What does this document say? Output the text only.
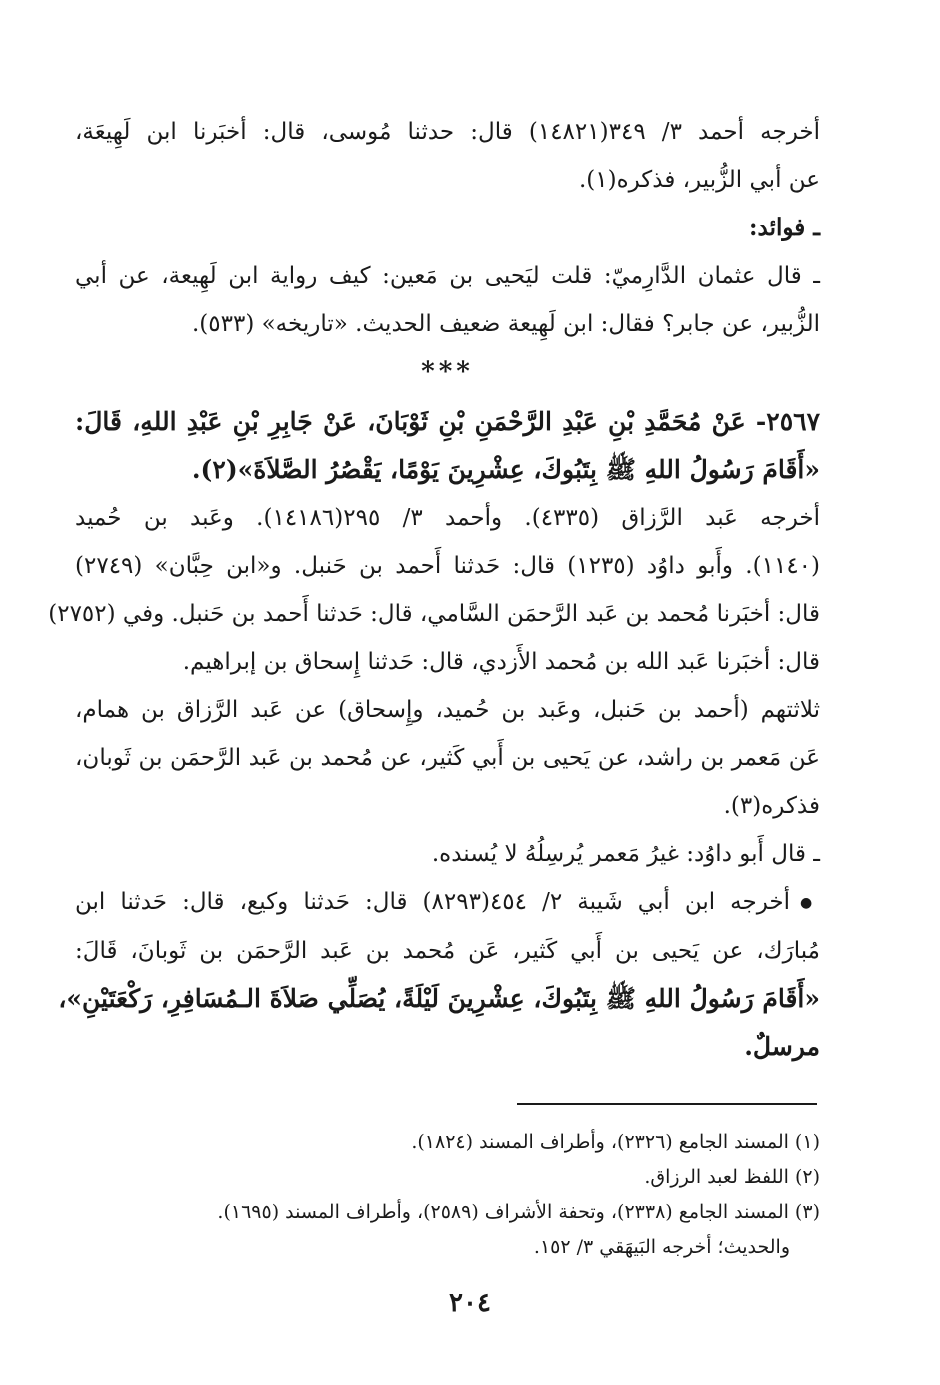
أخرجه أحمد ٣/ ٣٤٩(١٤٨٢١) قال: حدثنا مُوسى، قال: أخبَرنا ابن لَهِيعَة،

عن أبي الزُّبير، فذكره(١).

ـ فوائد:

ـ قال عثمان الدَّارِميّ: قلت ليَحيى بن مَعين: كيف رواية ابن لَهِيعة، عن أبي

الزُّبير، عن جابر؟ فقال: ابن لَهِيعة ضعيف الحديث. «تاريخه» (٥٣٣).

***

٢٥٦٧- عَنْ مُحَمَّدِ بْنِ عَبْدِ الرَّحْمَنِ بْنِ ثَوْبَانَ، عَنْ جَابِرِ بْنِ عَبْدِ اللهِ، قَالَ:

«أَقَامَ رَسُولُ اللهِ ﷺ بِتَبُوكَ، عِشْرِينَ يَوْمًا، يَقْصُرُ الصَّلاَةَ»(٢).

أخرجه عَبد الرَّزاق (٤٣٣٥). وأحمد ٣/ ٢٩٥(١٤١٨٦). وعَبد بن حُميد

(١١٤٠). وأَبو داوُد (١٢٣٥) قال: حَدثنا أَحمد بن حَنبل. و«ابن حِبَّان» (٢٧٤٩)

قال: أخبَرنا مُحمد بن عَبد الرَّحمَن السَّامي، قال: حَدثنا أَحمد بن حَنبل. وفي (٢٧٥٢)

قال: أخبَرنا عَبد الله بن مُحمد الأَزدي، قال: حَدثنا إِسحاق بن إبراهيم.

ثلاثتهم (أحمد بن حَنبل، وعَبد بن حُميد، وإِسحاق) عن عَبد الرَّزاق بن همام،

عَن مَعمر بن راشد، عن يَحيى بن أَبي كَثير، عن مُحمد بن عَبد الرَّحمَن بن ثَوبان،

فذكره(٣).

ـ قال أَبو داوُد: غيرُ مَعمر يُرسِلُهُ لا يُسنده.

● أخرجه ابن أبي شَيبة ٢/ ٤٥٤(٨٢٩٣) قال: حَدثنا وكيع، قال: حَدثنا ابن

مُبارَك، عن يَحيى بن أَبي كَثير، عَن مُحمد بن عَبد الرَّحمَن بن ثَوبانَ، قَالَ:

«أَقَامَ رَسُولُ اللهِ ﷺ بِتَبُوكَ، عِشْرِينَ لَيْلَةً، يُصَلِّي صَلاَةَ الـمُسَافِرِ، رَكْعَتَيْنِ»،

مرسلٌ.

(١) المسند الجامع (٢٣٢٦)، وأطراف المسند (١٨٢٤).

(٢) اللفظ لعبد الرزاق.

(٣) المسند الجامع (٢٣٣٨)، وتحفة الأشراف (٢٥٨٩)، وأطراف المسند (١٦٩٥).

والحديث؛ أخرجه البَيهَقي ٣/ ١٥٢.

٢٠٤
